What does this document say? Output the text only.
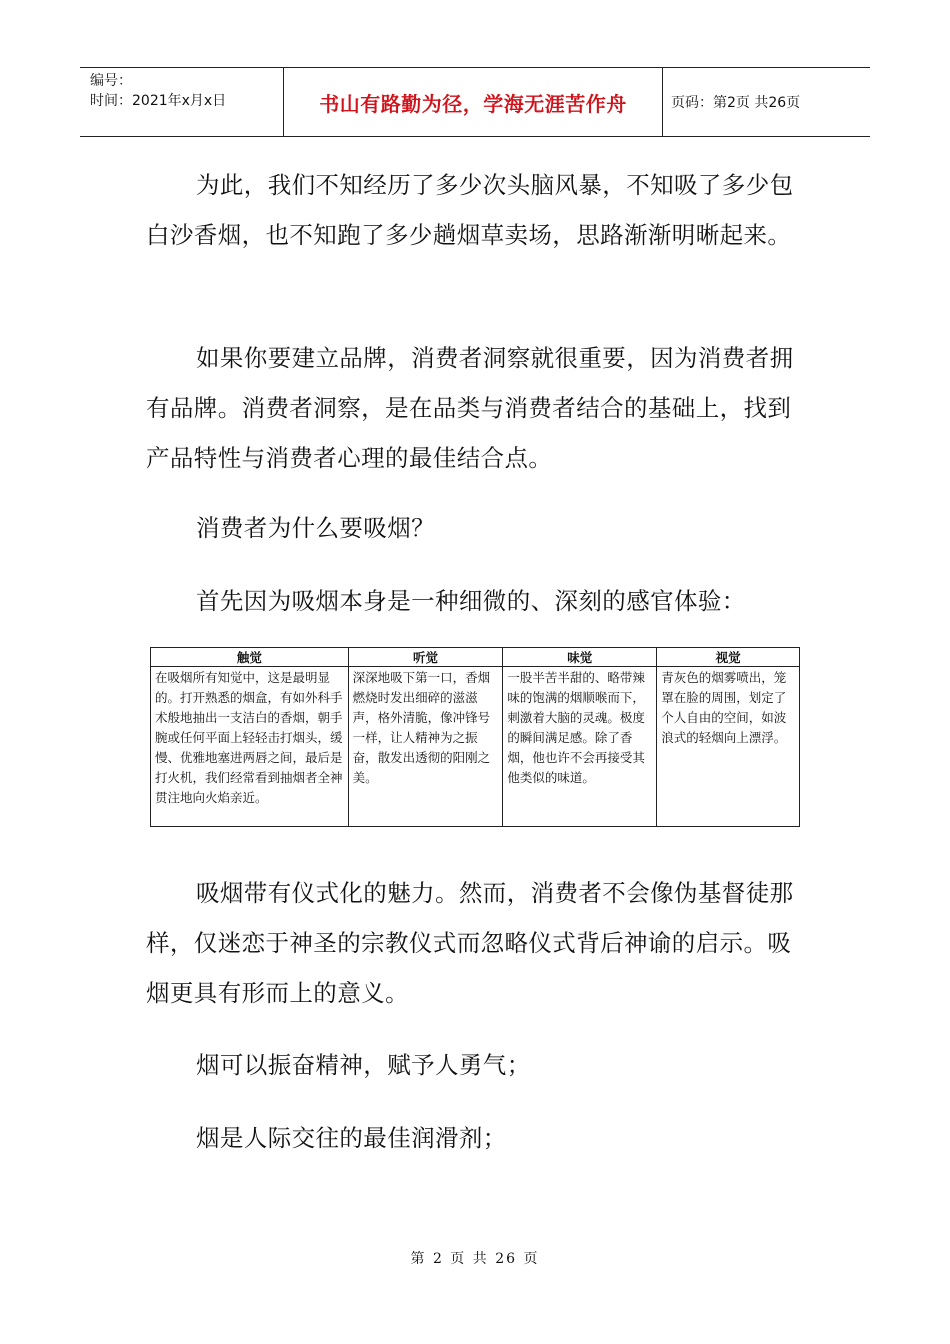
编号：
时间：2021年x月x日	书山有路勤为径，学海无涯苦作舟	页码：第2页 共26页
为此，我们不知经历了多少次头脑风暴，不知吸了多少包白沙香烟，也不知跑了多少趟烟草卖场，思路渐渐明晰起来。
如果你要建立品牌，消费者洞察就很重要，因为消费者拥有品牌。消费者洞察，是在品类与消费者结合的基础上，找到产品特性与消费者心理的最佳结合点。
消费者为什么要吸烟？
首先因为吸烟本身是一种细微的、深刻的感官体验：
触觉	听觉	味觉	视觉
在吸烟所有知觉中，这是最明显的。打开熟悉的烟盒，有如外科手术般地抽出一支洁白的香烟，朝手腕或任何平面上轻轻击打烟头，缓慢、优雅地塞进两唇之间，最后是打火机，我们经常看到抽烟者全神贯注地向火焰亲近。	深深地吸下第一口，香烟燃烧时发出细碎的滋滋声，格外清脆，像冲锋号一样，让人精神为之振奋，散发出透彻的阳刚之美。	一股半苦半甜的、略带辣味的饱满的烟顺喉而下，刺激着大脑的灵魂。极度的瞬间满足感。除了香烟，他也许不会再接受其他类似的味道。	青灰色的烟雾喷出，笼罩在脸的周围，划定了个人自由的空间，如波浪式的轻烟向上漂浮。
吸烟带有仪式化的魅力。然而，消费者不会像伪基督徒那样，仅迷恋于神圣的宗教仪式而忽略仪式背后神谕的启示。吸烟更具有形而上的意义。
烟可以振奋精神，赋予人勇气；
烟是人际交往的最佳润滑剂；
第 2 页 共 26 页
